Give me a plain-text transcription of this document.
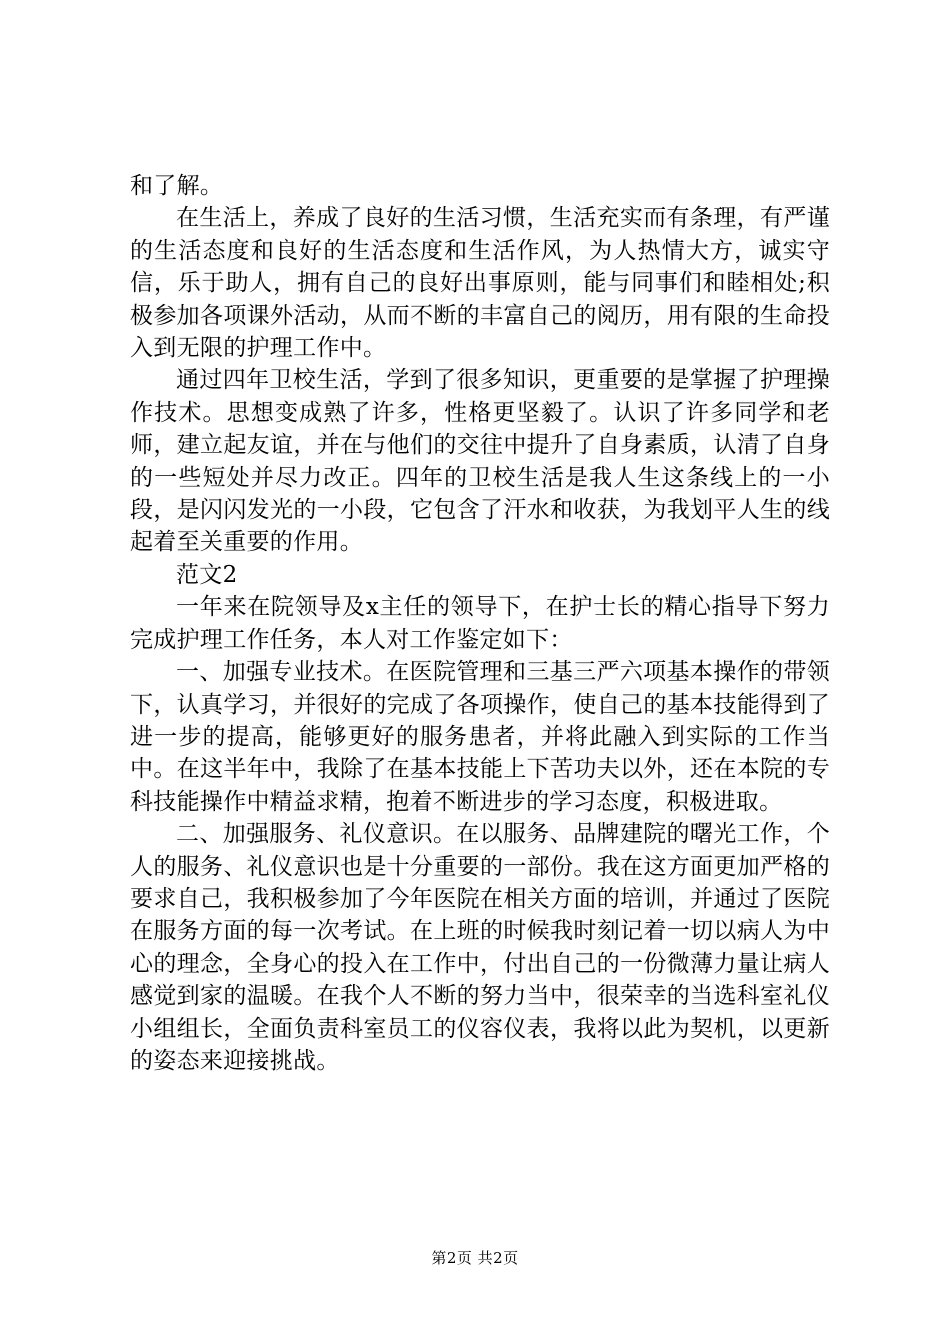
和了解。

在生活上，养成了良好的生活习惯，生活充实而有条理，有严谨的生活态度和良好的生活态度和生活作风，为人热情大方，诚实守信，乐于助人，拥有自己的良好出事原则，能与同事们和睦相处;积极参加各项课外活动，从而不断的丰富自己的阅历，用有限的生命投入到无限的护理工作中。

通过四年卫校生活，学到了很多知识，更重要的是掌握了护理操作技术。思想变成熟了许多，性格更坚毅了。认识了许多同学和老师，建立起友谊，并在与他们的交往中提升了自身素质，认清了自身的一些短处并尽力改正。四年的卫校生活是我人生这条线上的一小段，是闪闪发光的一小段，它包含了汗水和收获，为我划平人生的线起着至关重要的作用。

范文2

一年来在院领导及x主任的领导下，在护士长的精心指导下努力完成护理工作任务，本人对工作鉴定如下：

一、加强专业技术。在医院管理和三基三严六项基本操作的带领下，认真学习，并很好的完成了各项操作，使自己的基本技能得到了进一步的提高，能够更好的服务患者，并将此融入到实际的工作当中。在这半年中，我除了在基本技能上下苦功夫以外，还在本院的专科技能操作中精益求精，抱着不断进步的学习态度，积极进取。

二、加强服务、礼仪意识。在以服务、品牌建院的曙光工作，个人的服务、礼仪意识也是十分重要的一部份。我在这方面更加严格的要求自己，我积极参加了今年医院在相关方面的培训，并通过了医院在服务方面的每一次考试。在上班的时候我时刻记着一切以病人为中心的理念，全身心的投入在工作中，付出自己的一份微薄力量让病人感觉到家的温暖。在我个人不断的努力当中，很荣幸的当选科室礼仪小组组长，全面负责科室员工的仪容仪表，我将以此为契机，以更新的姿态来迎接挑战。

第2页 共2页
